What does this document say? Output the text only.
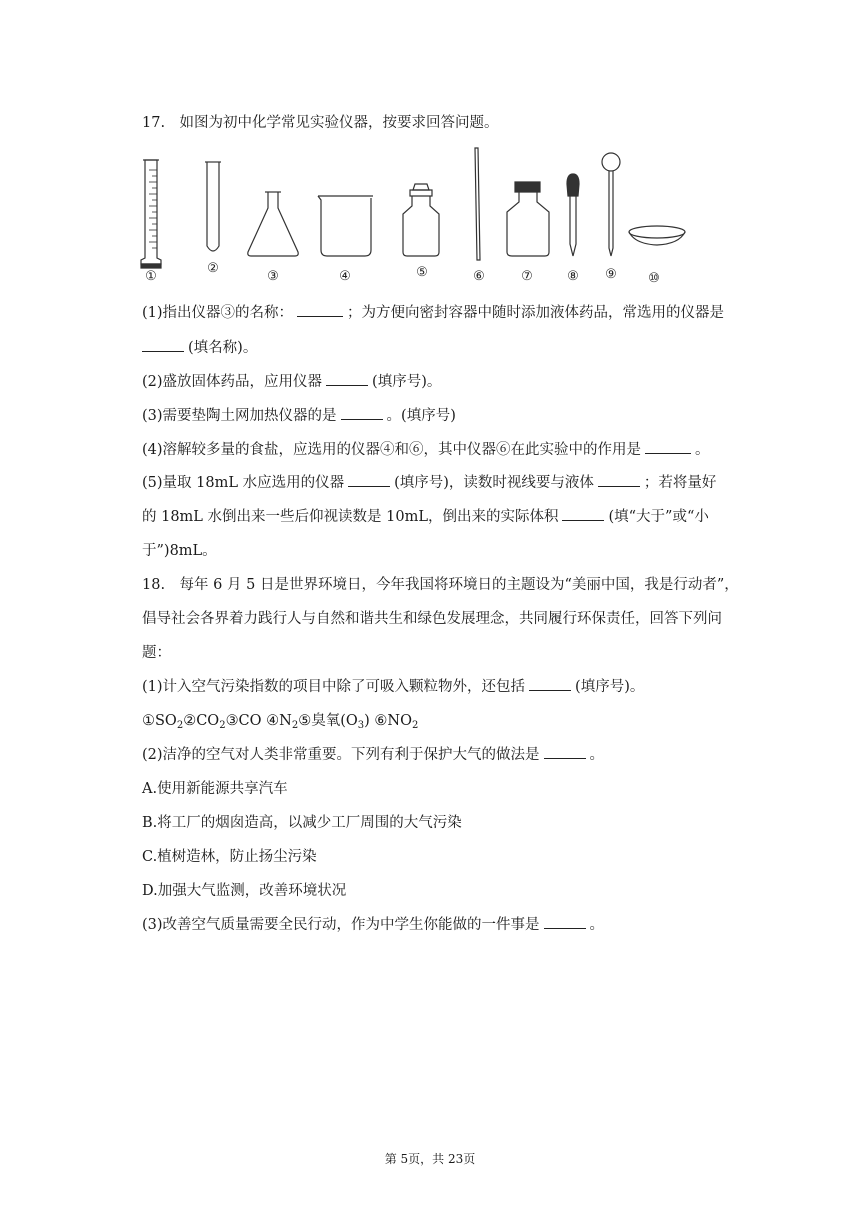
17.　如图为初中化学常见实验仪器，按要求回答问题。
①
②
③	④	⑤	⑥	⑦	⑧ ⑨ ⑩
(1)指出仪器③的名称：	；为方便向密封容器中随时添加液体药品，常选用的仪器是
(填名称)。
(2)盛放固体药品，应用仪器	(填序号)。
(3)需要垫陶土网加热仪器的是	。(填序号)
(4)溶解较多量的食盐，应选用的仪器④和⑥，其中仪器⑥在此实验中的作用是	。
(5)量取 18mL 水应选用的仪器	(填序号)，读数时视线要与液体	；若将量好
的 18mL 水倒出来一些后仰视读数是 10mL，倒出来的实际体积	(填“大于”或“小
于”)8mL。
18.　每年 6 月 5 日是世界环境日，今年我国将环境日的主题设为“美丽中国，我是行动者”，
倡导社会各界着力践行人与自然和谐共生和绿色发展理念，共同履行环保责任，回答下列问
题：
(1)计入空气污染指数的项目中除了可吸入颗粒物外，还包括	(填序号)。
$①SO_2②CO_2③CO$ $④N_2⑤$臭氧$(O_3)$ $⑥NO_2$
(2)洁净的空气对人类非常重要。下列有利于保护大气的做法是	。
A.使用新能源共享汽车
B.将工厂的烟囱造高，以减少工厂周围的大气污染
C.植树造林，防止扬尘污染
D.加强大气监测，改善环境状况
(3)改善空气质量需要全民行动，作为中学生你能做的一件事是	。
第 5页，共 23页
